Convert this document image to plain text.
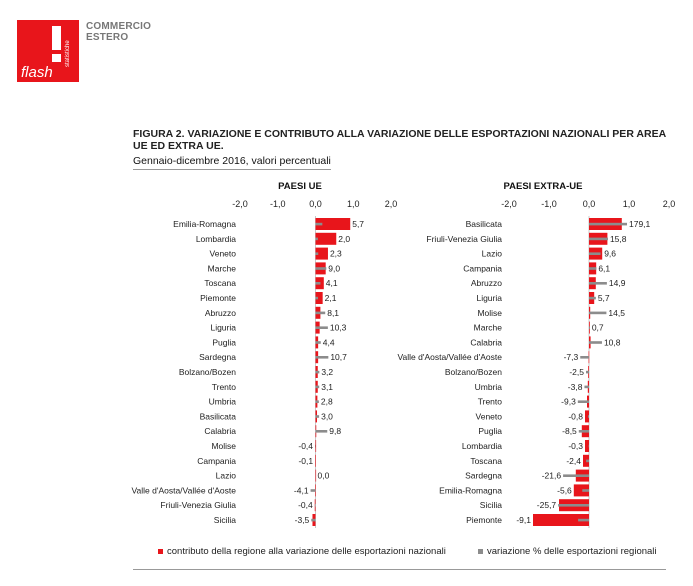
flash
statistiche
COMMERCIO
ESTERO
FIGURA 2. VARIAZIONE E CONTRIBUTO ALLA VARIAZIONE DELLE ESPORTAZIONI NAZIONALI PER AREA UE ED EXTRA UE.
Gennaio-dicembre 2016, valori percentuali
PAESI UE
-2,0 -1,0	0,0	1,0	2,0
Emilia-Romagna	5,7
Lombardia	2,0
Veneto	2,3
Marche	9,0
Toscana	4,1
Piemonte	2,1
Abruzzo	8,1
Liguria	10,3
Puglia	4,4
Sardegna	10,7
Bolzano/Bozen	3,2
Trento	3,1
Umbria	2,8
Basilicata	3,0
Calabria	9,8
Molise	-0,4
Campania	-0,1
Lazio	0,0
Valle d'Aosta/Vallée d'Aoste	-4,1
Friuli-Venezia Giulia	-0,4
Sicilia	-3,5
PAESI EXTRA-UE
-2,0	-1,0	0,0	1,0	2,0
Basilicata	179,1
Friuli-Venezia Giulia	15,8
Lazio	9,6
Campania	6,1
Abruzzo	14,9
Liguria	5,7
Molise	14,5
Marche	0,7
Calabria	10,8
Valle d'Aosta/Vallée d'Aoste	-7,3
Bolzano/Bozen	-2,5
Umbria	-3,8
Trento	-9,3
Veneto	-0,8
Puglia	-8,5
Lombardia	-0,3
Toscana	-2,4
Sardegna	-21,6
Emilia-Romagna	-5,6
Sicilia	-25,7
Piemonte -9,1
contributo della regione alla variazione delle esportazioni nazionali	variazione % delle esportazioni regionali
